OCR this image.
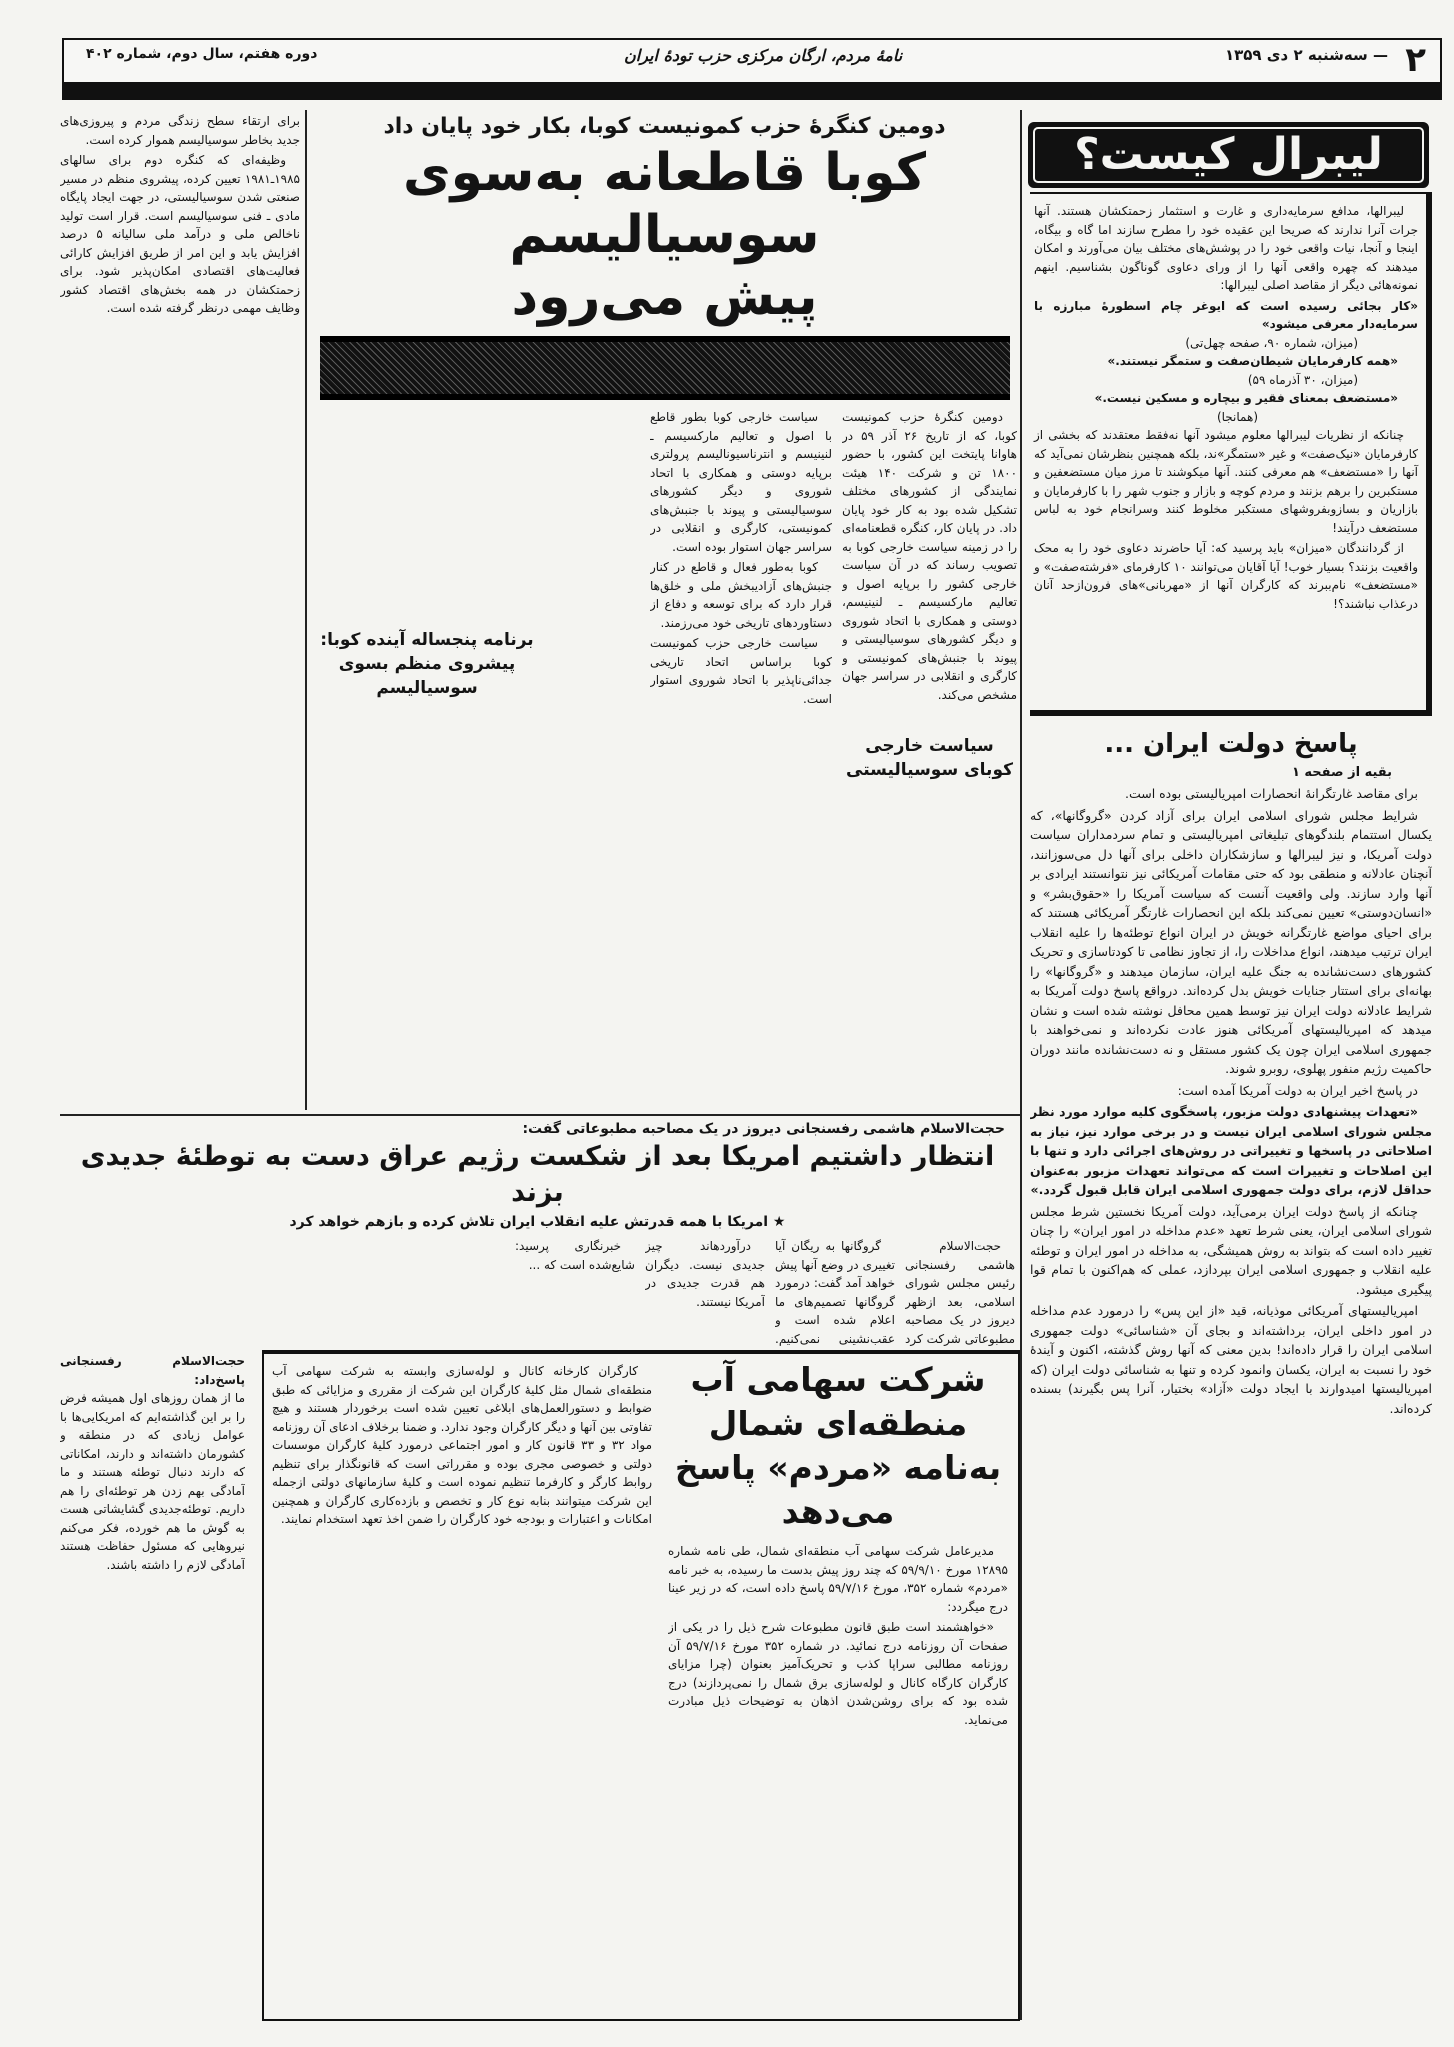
۲
— سه‌شنبه ۲ دی ۱۳۵۹
نامهٔ مردم، ارگان مرکزی حزب تودهٔ ایران
دوره هفتم، سال دوم، شماره ۴۰۲

برای ارتقاء سطح زندگی مردم و پیروزی‌های جدید بخاطر سوسیالیسم هموار کرده است.

وظیفه‌ای که کنگره دوم برای سالهای ۱۹۸۵ـ۱۹۸۱ تعیین کرده، پیشروی منظم در مسیر صنعتی شدن سوسیالیستی، در جهت ایجاد پایگاه مادی ـ فنی سوسیالیسم است. قرار است تولید ناخالص ملی و درآمد ملی سالیانه ۵ درصد افزایش یابد و این امر از طریق افزایش کارائی فعالیت‌های اقتصادی امکان‌پذیر شود. برای زحمتکشان در همه بخش‌های اقتصاد کشور وظایف مهمی درنظر گرفته شده است.

دومین کنگرهٔ حزب کمونیست کوبا، بکار خود پایان داد
کوبا قاطعانه به‌سوی سوسیالیسم
پیش می‌رود

دومین کنگرهٔ حزب کمونیست کوبا، که از تاریخ ۲۶ آذر ۵۹ در هاوانا پایتخت این کشور، با حضور ۱۸۰۰ تن و شرکت ۱۴۰ هیئت نمایندگی از کشورهای مختلف تشکیل شده بود به کار خود پایان داد. در پایان کار، کنگره قطعنامه‌ای را در زمینه سیاست خارجی کوبا به تصویب رساند که در آن سیاست خارجی کشور را برپایه اصول و تعالیم مارکسیسم ـ لنینیسم، دوستی و همکاری با اتحاد شوروی و دیگر کشورهای سوسیالیستی و پیوند با جنبش‌های کمونیستی و کارگری و انقلابی در سراسر جهان مشخص می‌کند.

سیاست خارجی کوبای سوسیالیستی

سیاست خارجی کوبا بطور قاطع با اصول و تعالیم مارکسیسم ـ لنینیسم و انترناسیونالیسم پرولتری برپایه دوستی و همکاری با اتحاد شوروی و دیگر کشورهای سوسیالیستی و پیوند با جنبش‌های کمونیستی، کارگری و انقلابی در سراسر جهان استوار بوده است.

کوبا به‌طور فعال و قاطع در کنار جنبش‌های آزادیبخش ملی و خلق‌ها قرار دارد که برای توسعه و دفاع از دستاوردهای تاریخی خود می‌رزمند.

سیاست خارجی حزب کمونیست کوبا براساس اتحاد تاریخی جدائی‌ناپذیر با اتحاد شوروی استوار است.

برنامه پنجساله آینده کوبا: پیشروی منظم بسوی سوسیالیسم
لیبرال کیست؟

لیبرالها، مدافع سرمایه‌داری و غارت و استثمار زحمتکشان هستند. آنها جرات آنرا ندارند که صریحا این عقیده خود را مطرح سازند اما گاه و بیگاه، اینجا و آنجا، نیات واقعی خود را در پوشش‌های مختلف بیان می‌آورند و امکان میدهند که چهره واقعی آنها را از ورای دعاوی گوناگون بشناسیم. اینهم نمونه‌هائی دیگر از مقاصد اصلی لیبرالها:

«کار بجائی رسیده است که ایوغر چام اسطورهٔ مبارزه با سرمایه‌دار معرفی میشود»
(میزان، شماره ۹۰، صفحه چهل‌تی)
«همه کارفرمایان شیطان‌صفت و ستمگر نیستند.»
(میزان، ۳۰ آذرماه ۵۹)
«مستضعف بمعنای فقیر و بیچاره و مسکین نیست.»
(همانجا)

چنانکه از نظریات لیبرالها معلوم میشود آنها نه‌فقط معتقدند که بخشی از کارفرمایان «نیک‌صفت» و غیر «ستمگر»ند، بلکه همچنین بنظرشان نمی‌آید که آنها را «مستضعف» هم معرفی کنند. آنها میکوشند تا مرز میان مستضعفین و مستکبرین را برهم بزنند و مردم کوچه و بازار و جنوب شهر را با کارفرمایان و بازاریان و بساز‌وبفروشهای مستکبر مخلوط کنند وسرانجام خود به لباس مستضعف درآیند!

از گردانندگان «میزان» باید پرسید که: آیا حاضرند دعاوی خود را به محک واقعیت بزنند؟ بسیار خوب! آیا آقایان می‌توانند ۱۰ کارفرمای «فرشته‌صفت» و «مستضعف» نام‌ببرند که کارگران آنها از «مهربانی»‌های فرون‌ازحد آنان درعذاب نباشند؟!

پاسخ دولت ایران ...
بقیه از صفحه ۱

برای مقاصد غارتگرانهٔ انحصارات امپریالیستی بوده است.

شرایط مجلس شورای اسلامی ایران برای آزاد کردن «گروگانها»، که یکسال استتمام بلندگوهای تبلیغاتی امپریالیستی و تمام سردمداران سیاست دولت آمریکا، و نیز لیبرالها و سازشکاران داخلی برای آنها دل می‌سوزانند، آنچنان عادلانه و منطقی بود که حتی مقامات آمریکائی نیز نتوانستند ایرادی بر آنها وارد سازند. ولی واقعیت آنست که سیاست آمریکا را «حقوق‌بشر» و «انسان‌دوستی» تعیین نمی‌کند بلکه این انحصارات غارتگر آمریکائی هستند که برای احیای مواضع غارتگرانه خویش در ایران انواع توطئه‌ها را علیه انقلاب ایران ترتیب میدهند، انواع مداخلات را، از تجاوز نظامی تا کودتاسازی و تحریک کشورهای دست‌نشانده به جنگ علیه ایران، سازمان میدهند و «گروگانها» را بهانه‌ای برای استتار جنایات خویش بدل کرده‌اند. درواقع پاسخ دولت آمریکا به شرایط عادلانه دولت ایران نیز توسط همین محافل نوشته شده است و نشان میدهد که امپریالیستهای آمریکائی هنوز عادت نکرده‌اند و نمی‌خواهند با جمهوری اسلامی ایران چون یک کشور مستقل و نه دست‌نشانده مانند دوران حاکمیت رژیم منفور پهلوی، روبرو شوند.

در پاسخ اخیر ایران به دولت آمریکا آمده است:

«تعهدات پیشنهادی دولت مزبور، پاسخگوی کلیه موارد مورد نظر مجلس شورای اسلامی ایران نیست و در برخی موارد نیز، نیاز به اصلاحاتی در پاسخها و تغییراتی در روش‌های اجرائی دارد و تنها با این اصلاحات و تغییرات است که می‌تواند تعهدات مزبور به‌عنوان حداقل لازم، برای دولت جمهوری اسلامی ایران قابل قبول گردد.»

چنانکه از پاسخ دولت ایران برمی‌آید، دولت آمریکا نخستین شرط مجلس شورای اسلامی ایران، یعنی شرط تعهد «عدم مداخله در امور ایران» را چنان تغییر داده است که بتواند به روش همیشگی، به مداخله در امور ایران و توطئه علیه انقلاب و جمهوری اسلامی ایران بپردازد، عملی که هم‌اکنون با تمام قوا پیگیری میشود.

امپریالیستهای آمریکائی موذیانه، قید «از این پس» را درمورد عدم مداخله در امور داخلی ایران، برداشته‌اند و بجای آن «شناسائی» دولت جمهوری اسلامی ایران را قرار داده‌اند! بدین معنی که آنها روش گذشته، اکنون و آیندهٔ خود را نسبت به ایران، یکسان وانمود کرده و تنها به شناسائی دولت ایران (که امپریالیستها امیدوارند با ایجاد دولت «آزاد» بختیار، آنرا پس بگیرند) بسنده کرده‌اند.

حجت‌الاسلام هاشمی رفسنجانی دیروز در یک مصاحبه مطبوعاتی گفت:
انتظار داشتیم امریکا بعد از شکست رژیم عراق دست به توطئهٔ جدیدی بزند
★ امریکا با همه قدرتش علیه انقلاب ایران تلاش کرده و بازهم خواهد کرد

حجت‌الاسلام هاشمی رفسنجانی رئیس مجلس شورای اسلامی، بعد ازظهر دیروز در یک مصاحبه مطبوعاتی شرکت کرد

گروگانها به ریگان آیا تغییری در وضع آنها پیش خواهد آمد گفت: درمورد گروگانها تصمیم‌های ما اعلام شده است و عقب‌نشینی نمی‌کنیم.

درآوردهاند چیز جدیدی نیست. دیگران هم قدرت جدیدی در آمریکا نیستند.

خبرنگاری پرسید: شایع‌شده است که ...

حجت‌الاسلام رفسنجانی پاسخ‌داد:

ما از همان روزهای اول همیشه فرض را بر این گذاشته‌ایم که امریکایی‌ها با عوامل زیادی که در منطقه و کشورمان داشته‌اند و دارند، امکاناتی که دارند دنبال توطئه هستند و ما آمادگی بهم زدن هر توطئه‌ای را هم داریم. توطئه‌جدیدی گشایشاتی هست به گوش ما هم خورده، فکر می‌کنم نیروهایی که مسئول حفاظت هستند آمادگی لازم را داشته باشند.

شرکت سهامی آب منطقه‌ای شمال به‌نامه «مردم» پاسخ می‌دهد

مدیرعامل شرکت سهامی آب منطقه‌ای شمال، طی نامه شماره ۱۲۸۹۵ مورخ ۵۹/۹/۱۰ که چند روز پیش بدست ما رسیده، به خبر نامه «مردم» شماره ۳۵۲، مورخ ۵۹/۷/۱۶ پاسخ داده است، که در زیر عینا درج میگردد:

«خواهشمند است طبق قانون مطبوعات شرح ذیل را در یکی از صفحات آن روزنامه درج نمائید. در شماره ۳۵۲ مورخ ۵۹/۷/۱۶ آن روزنامه مطالبی سراپا کذب و تحریک‌آمیز بعنوان (چرا مزایای کارگران کارگاه کانال و لوله‌سازی برق شمال را نمی‌پردازند) درج شده بود که برای روشن‌شدن اذهان به توضیحات ذیل مبادرت می‌نماید.

کارگران کارخانه کانال و لوله‌سازی وابسته به شرکت سهامی آب منطقه‌ای شمال مثل کلیهٔ کارگران این شرکت از مقرری و مزایائی که طبق ضوابط و دستورالعمل‌های ابلاغی تعیین شده است برخوردار هستند و هیچ تفاوتی بین آنها و دیگر کارگران وجود ندارد. و ضمنا برخلاف ادعای آن روزنامه مواد ۳۲ و ۳۳ قانون کار و امور اجتماعی درمورد کلیهٔ کارگران موسسات دولتی و خصوصی مجری بوده و مقرراتی است که قانونگذار برای تنظیم روابط کارگر و کارفرما تنظیم نموده است و کلیهٔ سازمانهای دولتی ازجمله این شرکت میتوانند بنابه نوع کار و تخصص و بازده‌کاری کارگران و همچنین امکانات و اعتبارات و بودجه خود کارگران را ضمن اخذ تعهد استخدام نمایند.
